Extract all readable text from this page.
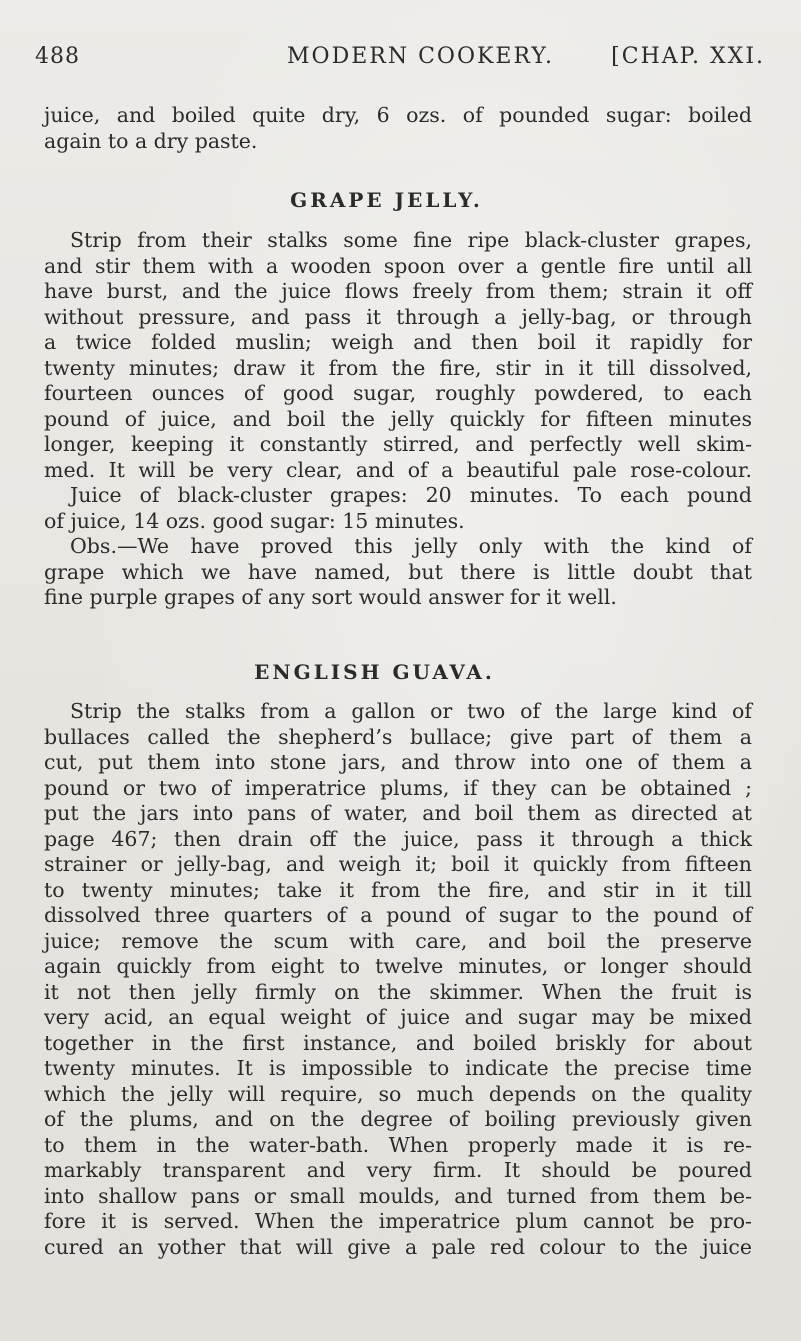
488	MODERN COOKERY.	[CHAP. XXI.
juice, and boiled quite dry, 6 ozs. of pounded sugar: boiled
again to a dry paste.
GRAPE JELLY.
Strip from their stalks some fine ripe black-cluster grapes,
and stir them with a wooden spoon over a gentle fire until all
have burst, and the juice flows freely from them; strain it off
without pressure, and pass it through a jelly-bag, or through
a twice folded muslin; weigh and then boil it rapidly for
twenty minutes; draw it from the fire, stir in it till dissolved,
fourteen ounces of good sugar, roughly powdered, to each
pound of juice, and boil the jelly quickly for fifteen minutes
longer, keeping it constantly stirred, and perfectly well skim-
med. It will be very clear, and of a beautiful pale rose-colour.
Juice of black-cluster grapes: 20 minutes. To each pound
of juice, 14 ozs. good sugar: 15 minutes.
Obs.—We have proved this jelly only with the kind of
grape which we have named, but there is little doubt that
fine purple grapes of any sort would answer for it well.
ENGLISH GUAVA.
Strip the stalks from a gallon or two of the large kind of
bullaces called the shepherd’s bullace; give part of them a
cut, put them into stone jars, and throw into one of them a
pound or two of imperatrice plums, if they can be obtained ;
put the jars into pans of water, and boil them as directed at
page 467; then drain off the juice, pass it through a thick
strainer or jelly-bag, and weigh it; boil it quickly from fifteen
to twenty minutes; take it from the fire, and stir in it till
dissolved three quarters of a pound of sugar to the pound of
juice; remove the scum with care, and boil the preserve
again quickly from eight to twelve minutes, or longer should
it not then jelly firmly on the skimmer. When the fruit is
very acid, an equal weight of juice and sugar may be mixed
together in the first instance, and boiled briskly for about
twenty minutes. It is impossible to indicate the precise time
which the jelly will require, so much depends on the quality
of the plums, and on the degree of boiling previously given
to them in the water-bath. When properly made it is re-
markably transparent and very firm. It should be poured
into shallow pans or small moulds, and turned from them be-
fore it is served. When the imperatrice plum cannot be pro-
cured an yother that will give a pale red colour to the juice
